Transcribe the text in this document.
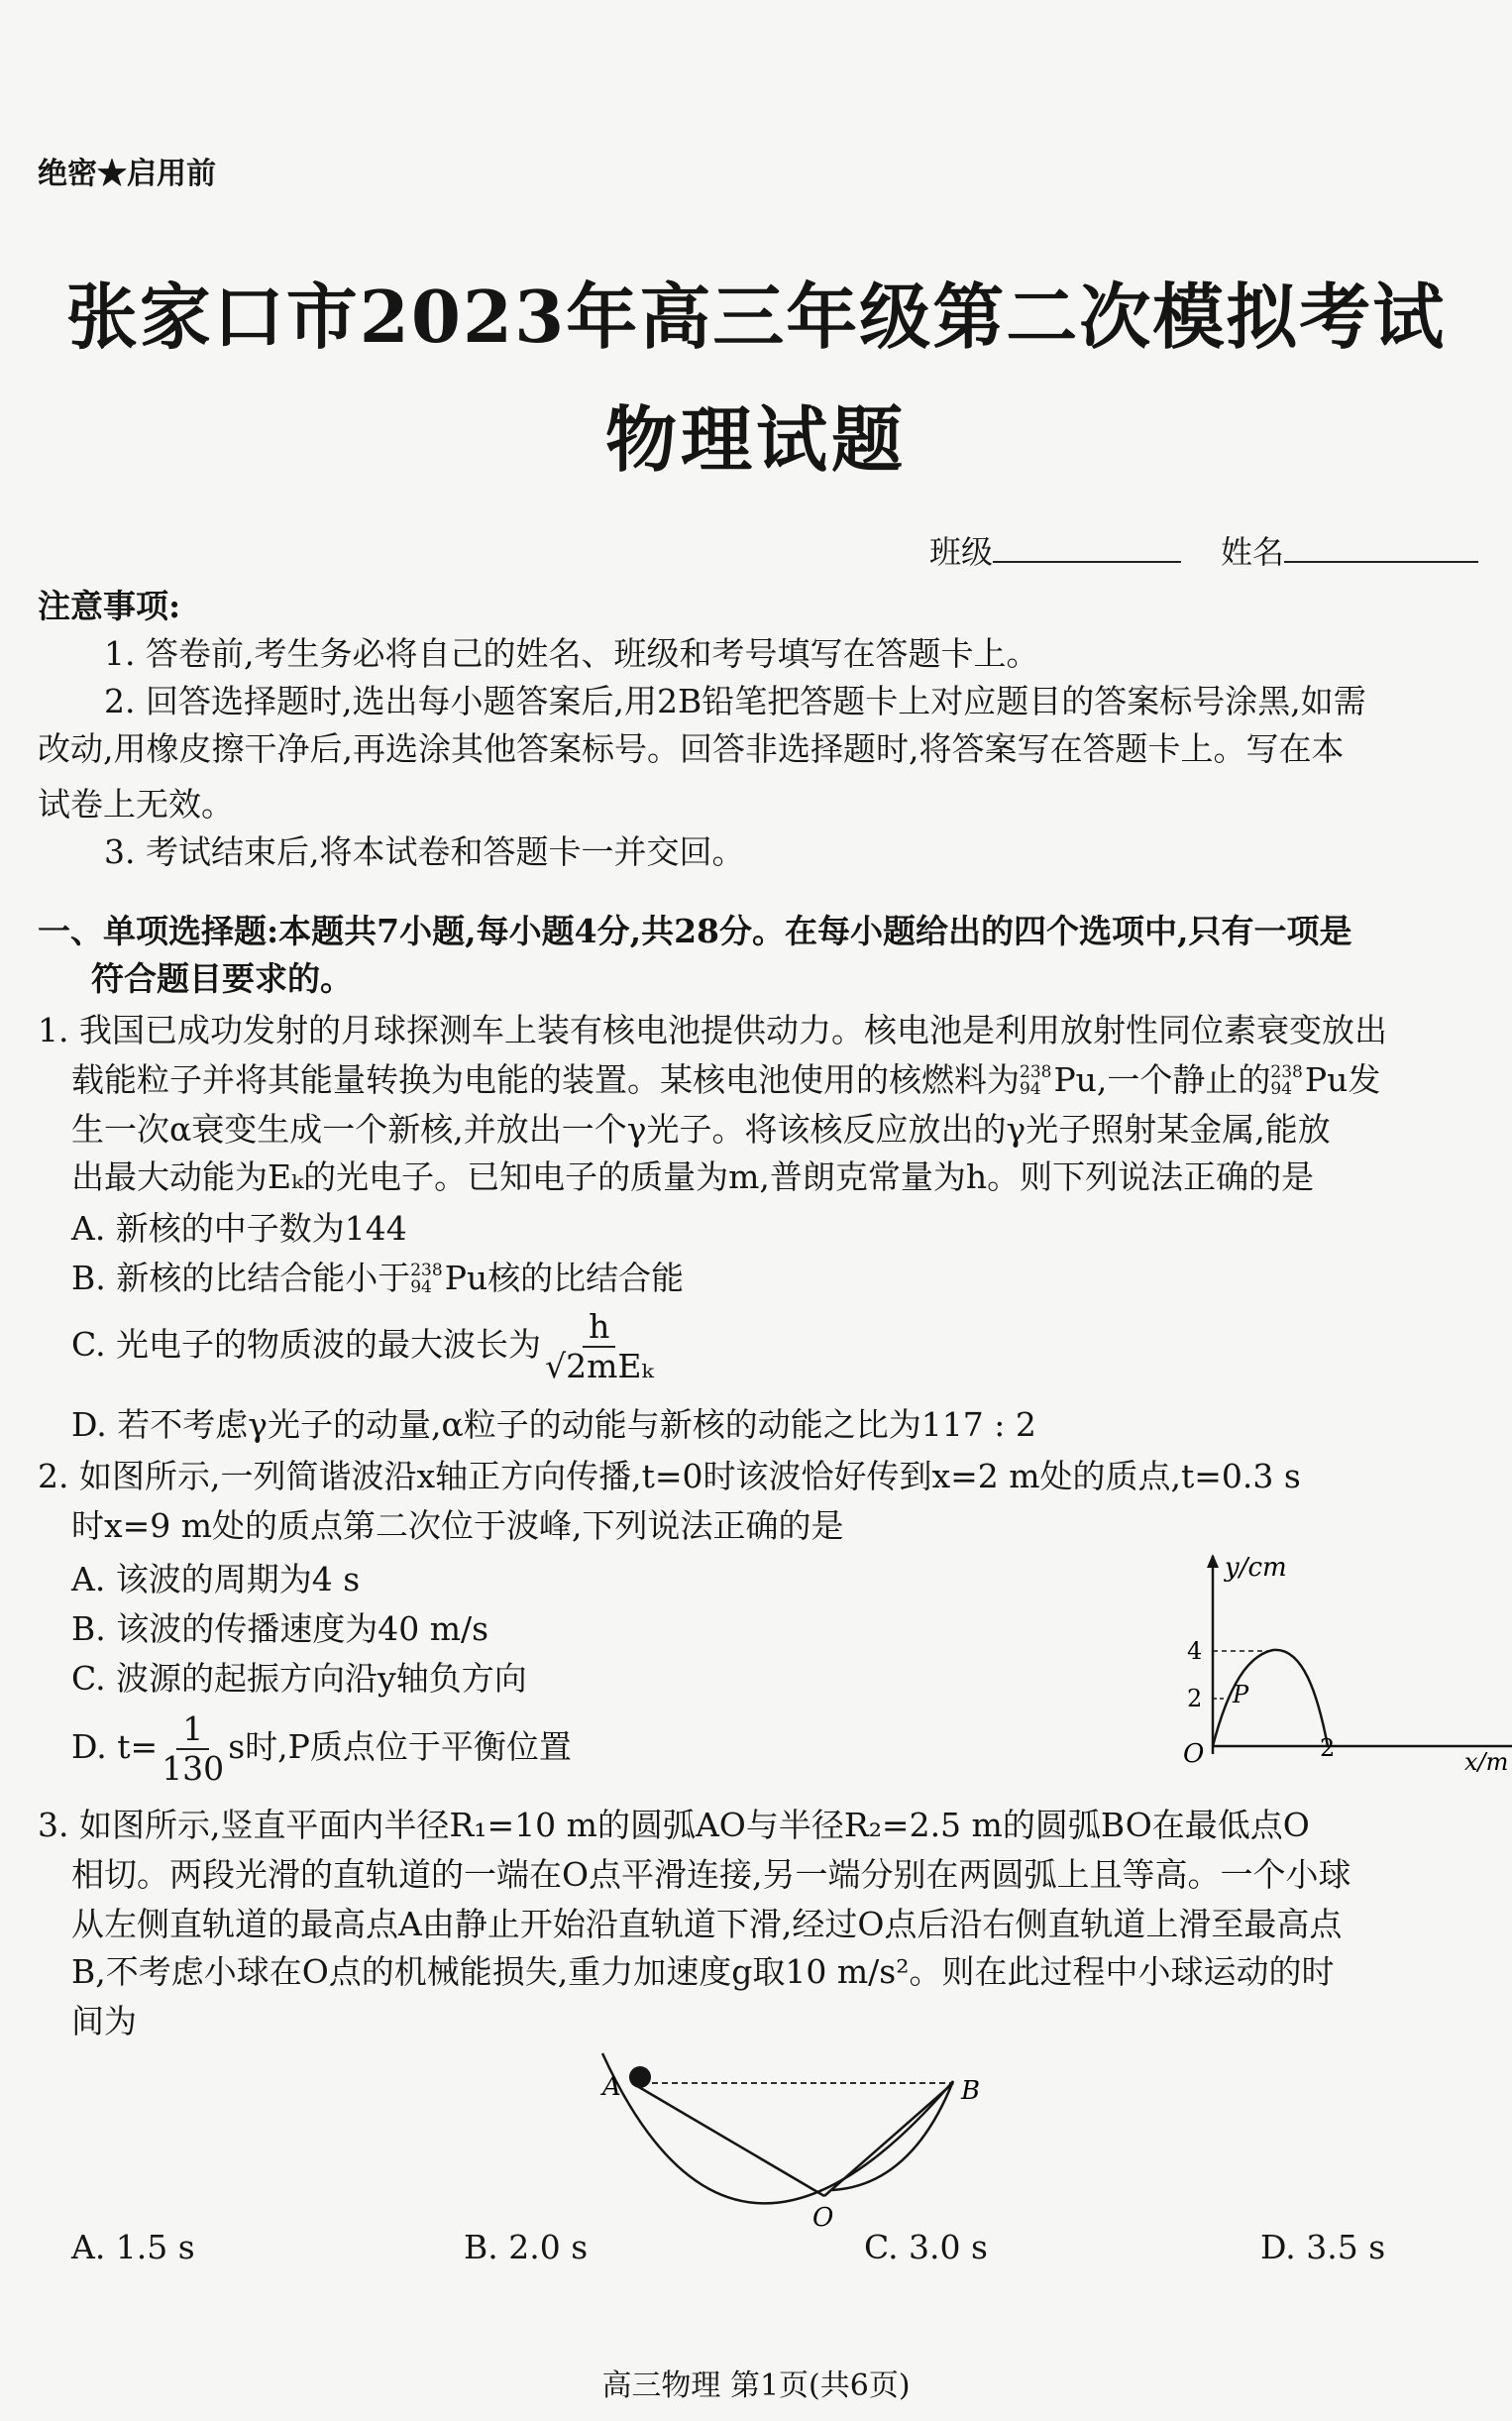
绝密★启用前
张家口市2023年高三年级第二次模拟考试
物理试题
班级	姓名
注意事项:
1. 答卷前,考生务必将自己的姓名、班级和考号填写在答题卡上。
2. 回答选择题时,选出每小题答案后,用2B铅笔把答题卡上对应题目的答案标号涂黑,如需
改动,用橡皮擦干净后,再选涂其他答案标号。回答非选择题时,将答案写在答题卡上。写在本
试卷上无效。
3. 考试结束后,将本试卷和答题卡一并交回。
一、单项选择题:本题共7小题,每小题4分,共28分。在每小题给出的四个选项中,只有一项是
符合题目要求的。
1. 我国已成功发射的月球探测车上装有核电池提供动力。核电池是利用放射性同位素衰变放出
载能粒子并将其能量转换为电能的装置。某核电池使用的核燃料为 $^{238 94}$ Pu,一个静止的 $^{238 94}$ Pu发
生一次α衰变生成一个新核,并放出一个γ光子。将该核反应放出的γ光子照射某金属,能放
出最大动能为Eₖ的光电子。已知电子的质量为m,普朗克常量为h。则下列说法正确的是
A. 新核的中子数为144
B. 新核的比结合能小于 $^{238 94}$ Pu核的比结合能
C. 光电子的物质波的最大波长为 $\frac{h}{\text{√2mEₖ}}$
D. 若不考虑γ光子的动量,α粒子的动能与新核的动能之比为117 : 2
2. 如图所示,一列简谐波沿x轴正方向传播,t=0时该波恰好传到x=2 m处的质点,t=0.3 s
时x=9 m处的质点第二次位于波峰,下列说法正确的是
A. 该波的周期为4 s
B. 该波的传播速度为40 m/s
C. 波源的起振方向沿y轴负方向
D. $t= \frac{1}{130}$ s时,P质点位于平衡位置
y/cm
4
2 P
O	2	x/m
3. 如图所示,竖直平面内半径R₁=10 m的圆弧AO与半径R₂=2.5 m的圆弧BO在最低点O
相切。两段光滑的直轨道的一端在O点平滑连接,另一端分别在两圆弧上且等高。一个小球
从左侧直轨道的最高点A由静止开始沿直轨道下滑,经过O点后沿右侧直轨道上滑至最高点
B,不考虑小球在O点的机械能损失,重力加速度g取10 m/s²。则在此过程中小球运动的时
间为
A	B
O
A. 1.5 s	B. 2.0 s	C. 3.0 s	D. 3.5 s
高三物理 第1页(共6页)
